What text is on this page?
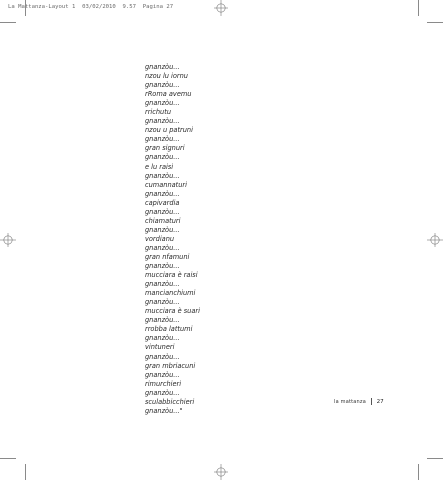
La Mattanza-Layout 1 03/02/2010 9.57 Pagina 27
gnanzòu...
nzou lu iornu
gnanzòu...
rRoma avemu
gnanzòu...
rrichutu
gnanzòu...
nzou u patruni
gnanzòu...
gran signuri
gnanzòu...
e lu raisi
gnanzòu...
cumannaturi
gnanzòu...
capivardia
gnanzòu...
chiamaturi
gnanzòu...
vordianu
gnanzòu...
gran nfamuni
gnanzòu...
mucciara è raisi
gnanzòu...
mancianchiumi
gnanzòu...
mucciara è suari
gnanzòu...
rrobba lattumi
gnanzòu...
vintuneri
gnanzòu...
gran mbriacuni
gnanzòu...
rimurchieri
gnanzòu...
sculabbicchieri
gnanzòu..."
la mattanza 27
